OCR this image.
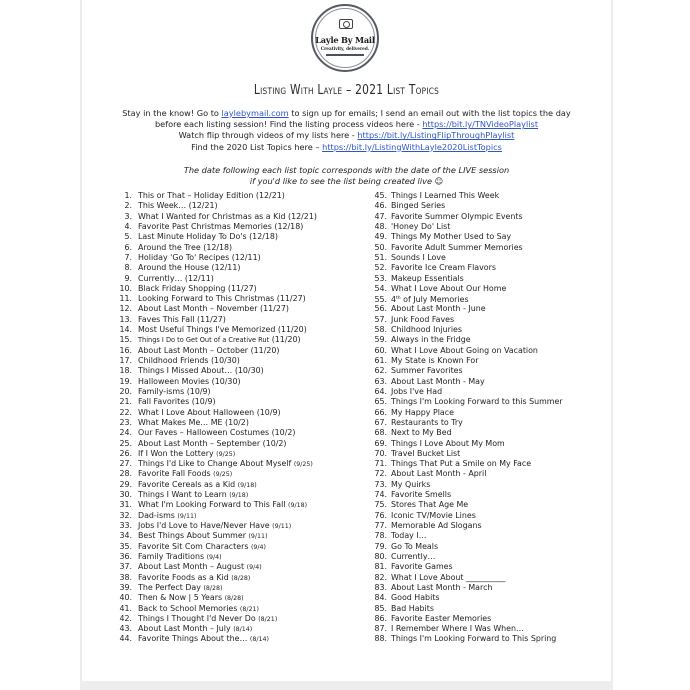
Layle By Mail
Creativity, delivered.
Listing With Layle – 2021 List Topics
Stay in the know! Go to laylebymail.com to sign up for emails; I send an email out with the list topics the day
before each listing session! Find the listing process videos here - https://bit.ly/TNVideoPlaylist
Watch flip through videos of my lists here - https://bit.ly/ListingFlipThroughPlaylist
Find the 2020 List Topics here – https://bit.ly/ListingWithLayle2020ListTopics
The date following each list topic corresponds with the date of the LIVE session
if you'd like to see the list being created live ☺
1. This or That – Holiday Edition (12/21)
2. This Week… (12/21)
3. What I Wanted for Christmas as a Kid (12/21)
4. Favorite Past Christmas Memories (12/18)
5. Last Minute Holiday To Do's (12/18)
6. Around the Tree (12/18)
7. Holiday 'Go To' Recipes (12/11)
8. Around the House (12/11)
9. Currently… (12/11)
10. Black Friday Shopping (11/27)
11. Looking Forward to This Christmas (11/27)
12. About Last Month – November (11/27)
13. Faves This Fall (11/27)
14. Most Useful Things I've Memorized (11/20)
15. Things I Do to Get Out of a Creative Rut (11/20)
16. About Last Month – October (11/20)
17. Childhood Friends (10/30)
18. Things I Missed About… (10/30)
19. Halloween Movies (10/30)
20. Family-isms (10/9)
21. Fall Favorites (10/9)
22. What I Love About Halloween (10/9)
23. What Makes Me… ME (10/2)
24. Our Faves – Halloween Costumes (10/2)
25. About Last Month – September (10/2)
26. If I Won the Lottery (9/25)
27. Things I'd Like to Change About Myself (9/25)
28. Favorite Fall Foods (9/25)
29. Favorite Cereals as a Kid (9/18)
30. Things I Want to Learn (9/18)
31. What I'm Looking Forward to This Fall (9/18)
32. Dad-isms (9/11)
33. Jobs I'd Love to Have/Never Have (9/11)
34. Best Things About Summer (9/11)
35. Favorite Sit Com Characters (9/4)
36. Family Traditions (9/4)
37. About Last Month – August (9/4)
38. Favorite Foods as a Kid (8/28)
39. The Perfect Day (8/28)
40. Then & Now | 5 Years (8/28)
41. Back to School Memories (8/21)
42. Things I Thought I'd Never Do (8/21)
43. About Last Month – July (8/14)
44. Favorite Things About the… (8/14)
45. Things I Learned This Week
46. Binged Series
47. Favorite Summer Olympic Events
48. 'Honey Do' List
49. Things My Mother Used to Say
50. Favorite Adult Summer Memories
51. Sounds I Love
52. Favorite Ice Cream Flavors
53. Makeup Essentials
54. What I Love About Our Home
55. 4th of July Memories
56. About Last Month - June
57. Junk Food Faves
58. Childhood Injuries
59. Always in the Fridge
60. What I Love About Going on Vacation
61. My State is Known For
62. Summer Favorites
63. About Last Month - May
64. Jobs I've Had
65. Things I'm Looking Forward to this Summer
66. My Happy Place
67. Restaurants to Try
68. Next to My Bed
69. Things I Love About My Mom
70. Travel Bucket List
71. Things That Put a Smile on My Face
72. About Last Month - April
73. My Quirks
74. Favorite Smells
75. Stores That Age Me
76. Iconic TV/Movie Lines
77. Memorable Ad Slogans
78. Today I…
79. Go To Meals
80. Currently…
81. Favorite Games
82. What I Love About __________
83. About Last Month - March
84. Good Habits
85. Bad Habits
86. Favorite Easter Memories
87. I Remember Where I Was When…
88. Things I'm Looking Forward to This Spring
